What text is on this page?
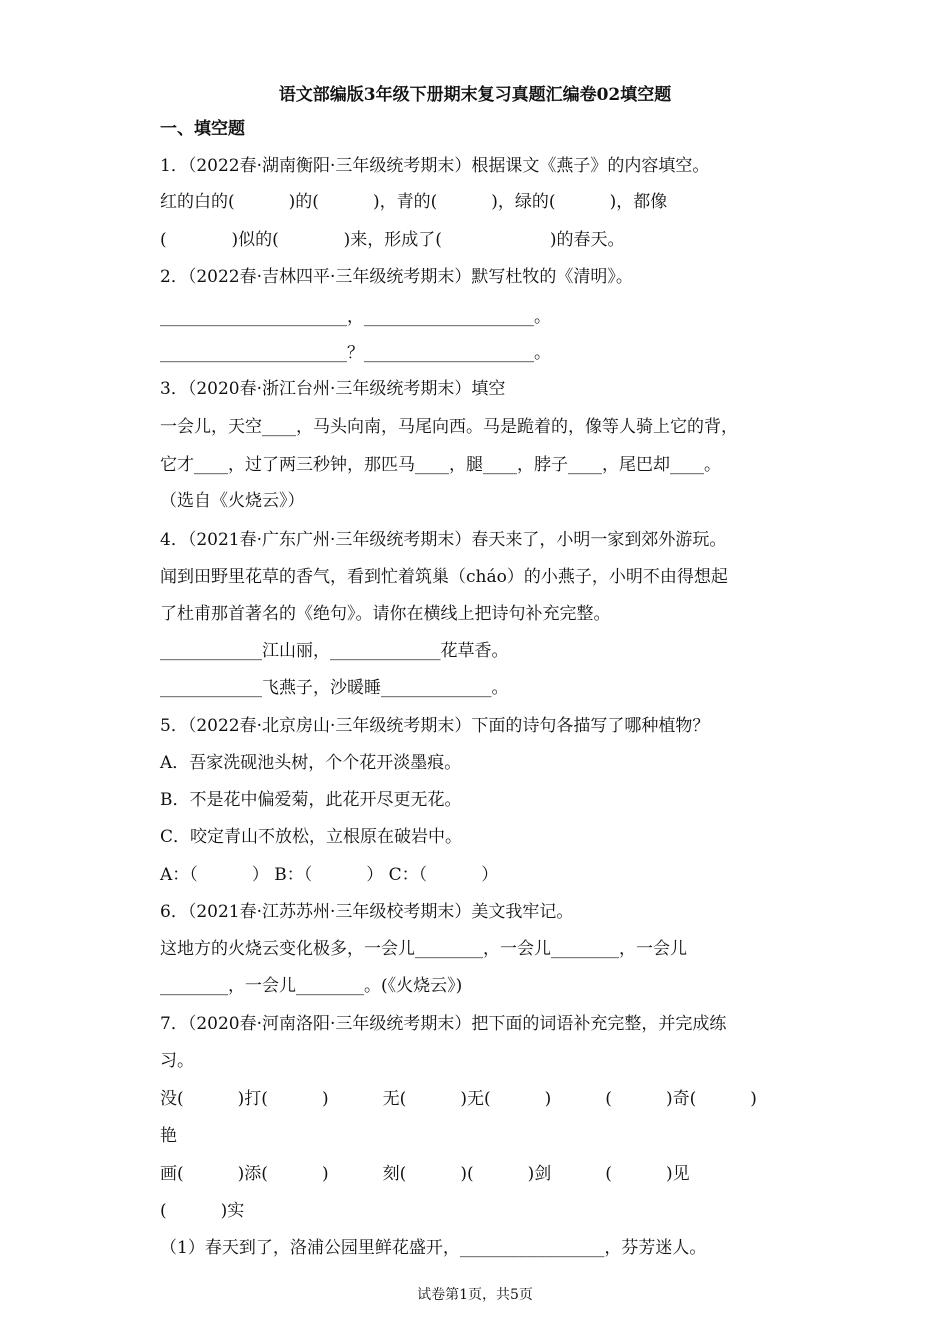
语文部编版3年级下册期末复习真题汇编卷02填空题
一、填空题
1．（2022春·湖南衡阳·三年级统考期末）根据课文《燕子》的内容填空。
红的白的(          )的(          )，青的(          )，绿的(          )，都像
(            )似的(            )来，形成了(                    )的春天。
2．（2022春·吉林四平·三年级统考期末）默写杜牧的《清明》。
______________________，____________________。
______________________？____________________。
3．（2020春·浙江台州·三年级统考期末）填空
一会儿，天空____，马头向南，马尾向西。马是跪着的，像等人骑上它的背，
它才____，过了两三秒钟，那匹马____，腿____，脖子____，尾巴却____。
（选自《火烧云》）
4．（2021春·广东广州·三年级统考期末）春天来了，小明一家到郊外游玩。
闻到田野里花草的香气，看到忙着筑巢（cháo）的小燕子，小明不由得想起
了杜甫那首著名的《绝句》。请你在横线上把诗句补充完整。
____________江山丽，_____________花草香。
____________飞燕子，沙暖睡_____________。
5．（2022春·北京房山·三年级统考期末）下面的诗句各描写了哪种植物？
A．吾家洗砚池头树，个个花开淡墨痕。
B．不是花中偏爱菊，此花开尽更无花。
C．咬定青山不放松，立根原在破岩中。
A：（          ） B：（          ） C：（          ）
6．（2021春·江苏苏州·三年级校考期末）美文我牢记。
这地方的火烧云变化极多，一会儿________，一会儿________，一会儿
________，一会儿________。(《火烧云》)
7．（2020春·河南洛阳·三年级统考期末）把下面的词语补充完整，并完成练
习。
没(          )打(          )          无(          )无(          )          (          )奇(          )
艳
画(          )添(          )          刻(          )(          )剑          (          )见
(          )实
（1）春天到了，洛浦公园里鲜花盛开，_________________，芬芳迷人。
试卷第1页，共5页
